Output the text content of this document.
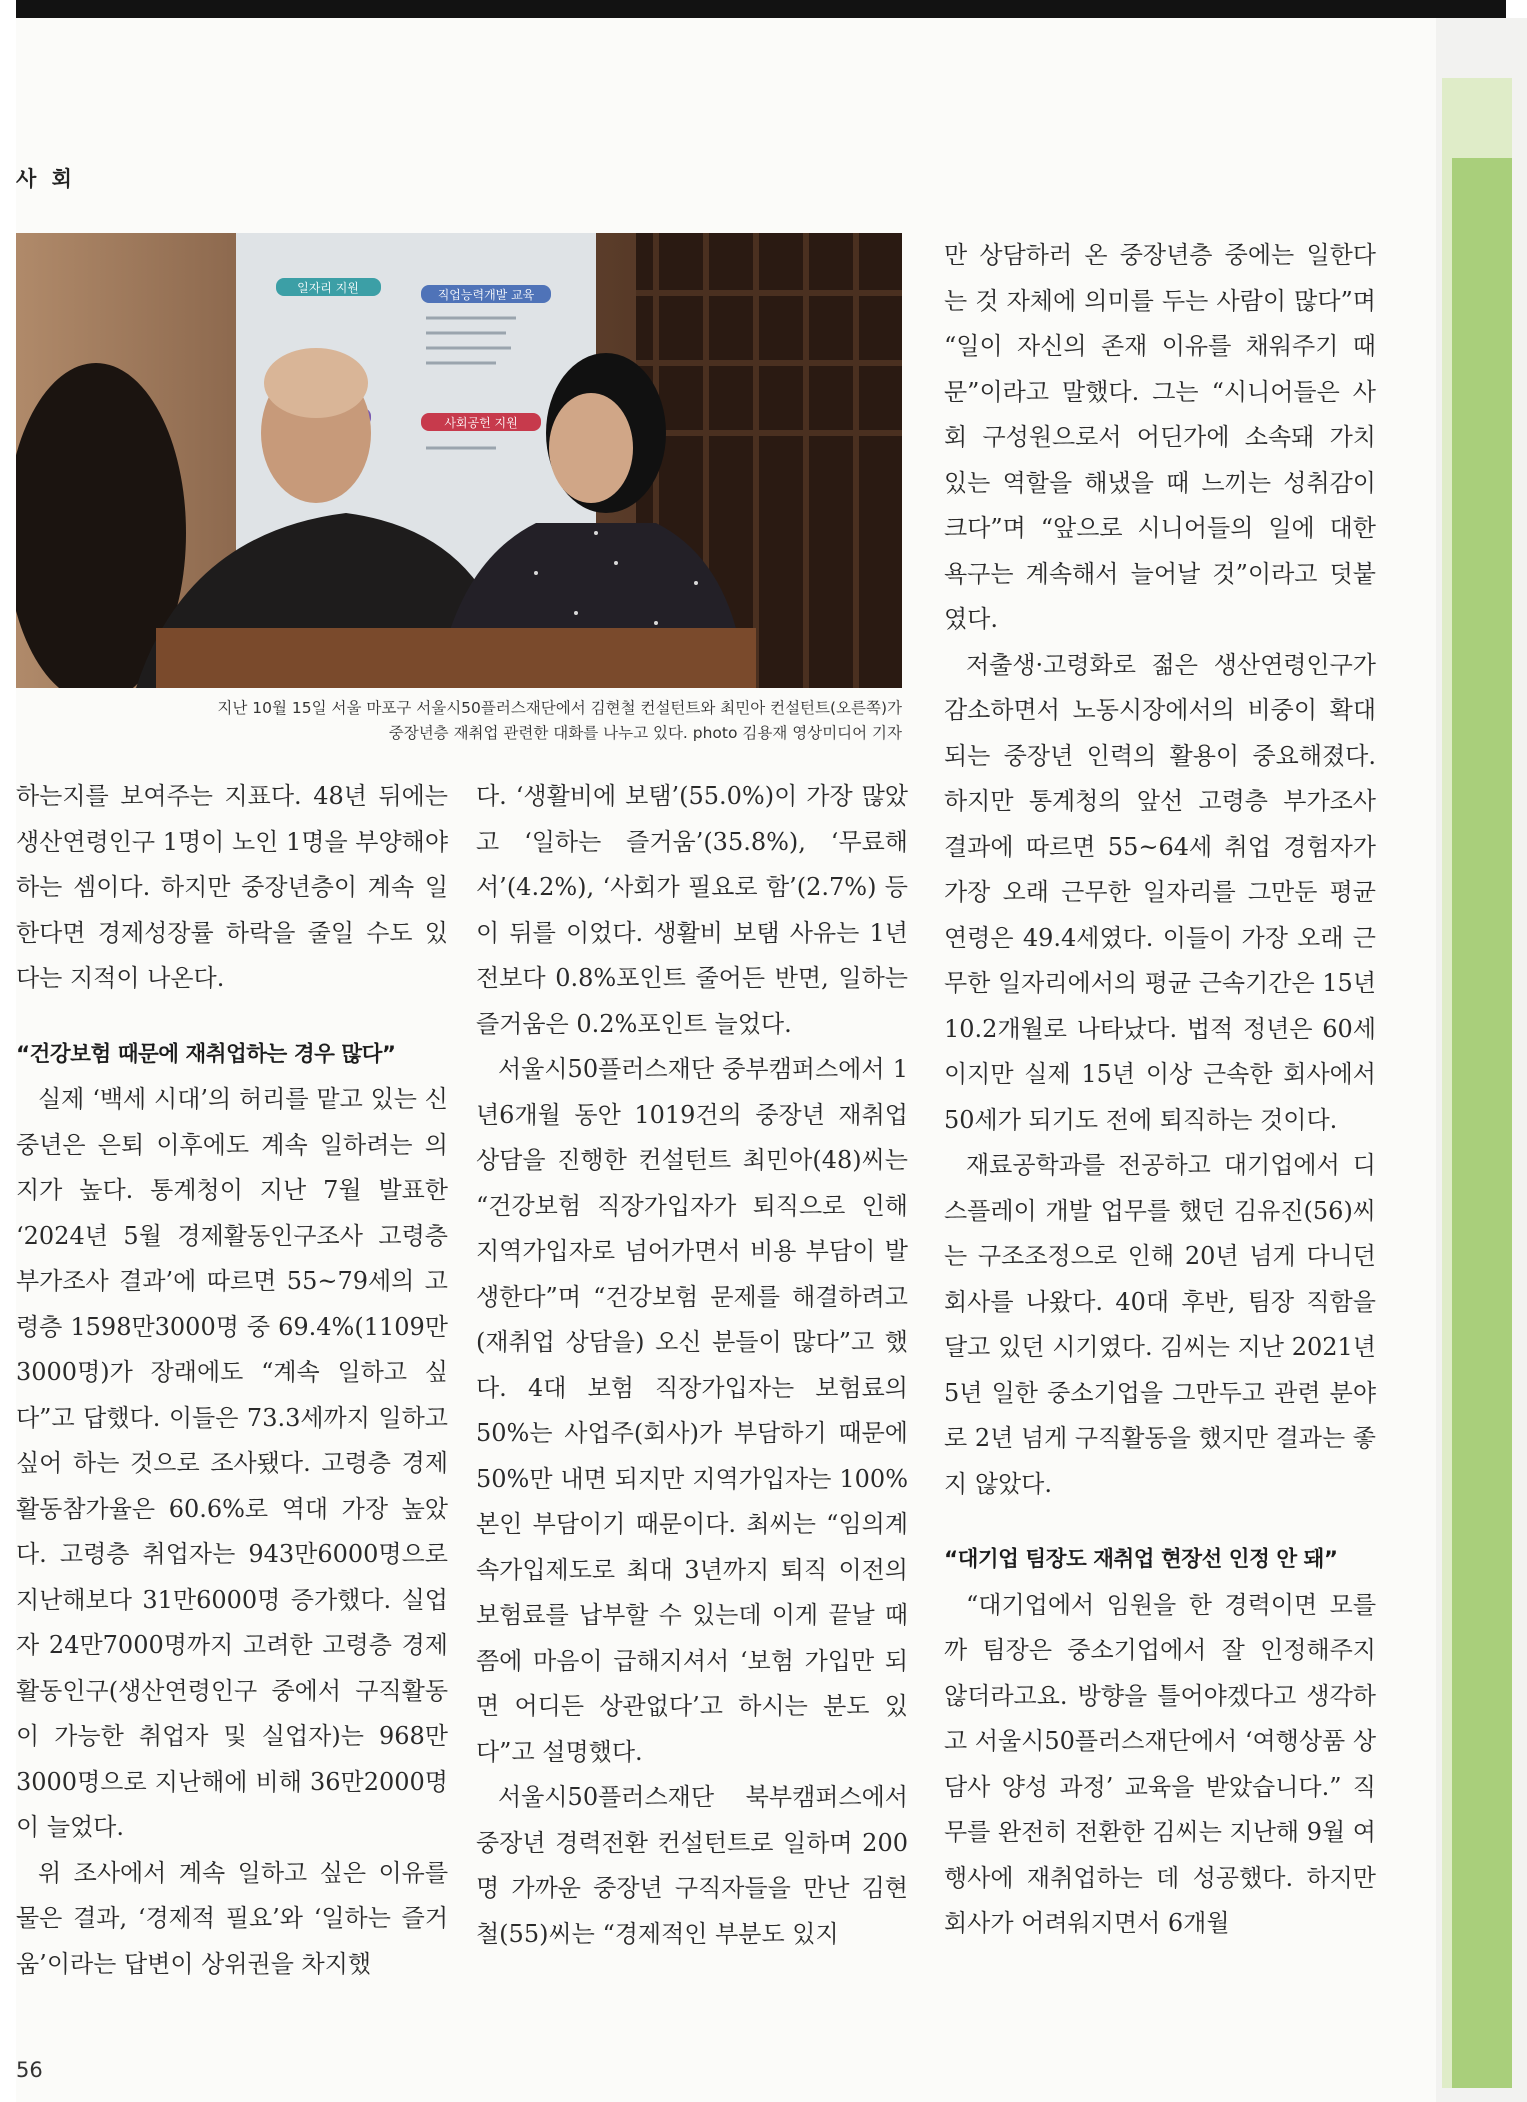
사 회
일자리 지원	직업능력개발 교육
사회공헌 지원
지난 10월 15일 서울 마포구 서울시50플러스재단에서 김현철 컨설턴트와 최민아 컨설턴트(오른쪽)가
중장년층 재취업 관련한 대화를 나누고 있다. photo 김용재 영상미디어 기자

하는지를 보여주는 지표다. 48년 뒤에는 생산연령인구 1명이 노인 1명을 부양해야 하는 셈이다. 하지만 중장년층이 계속 일한다면 경제성장률 하락을 줄일 수도 있다는 지적이 나온다.

“건강보험 때문에 재취업하는 경우 많다”

실제 ‘백세 시대’의 허리를 맡고 있는 신중년은 은퇴 이후에도 계속 일하려는 의지가 높다. 통계청이 지난 7월 발표한 ‘2024년 5월 경제활동인구조사 고령층 부가조사 결과’에 따르면 55~79세의 고령층 1598만3000명 중 69.4%(1109만3000명)가 장래에도 “계속 일하고 싶다”고 답했다. 이들은 73.3세까지 일하고 싶어 하는 것으로 조사됐다. 고령층 경제활동참가율은 60.6%로 역대 가장 높았다. 고령층 취업자는 943만6000명으로 지난해보다 31만6000명 증가했다. 실업자 24만7000명까지 고려한 고령층 경제활동인구(생산연령인구 중에서 구직활동이 가능한 취업자 및 실업자)는 968만3000명으로 지난해에 비해 36만2000명이 늘었다.

위 조사에서 계속 일하고 싶은 이유를 물은 결과, ‘경제적 필요’와 ‘일하는 즐거움’이라는 답변이 상위권을 차지했

다. ‘생활비에 보탬’(55.0%)이 가장 많았고 ‘일하는 즐거움’(35.8%), ‘무료해서’(4.2%), ‘사회가 필요로 함’(2.7%) 등이 뒤를 이었다. 생활비 보탬 사유는 1년 전보다 0.8%포인트 줄어든 반면, 일하는 즐거움은 0.2%포인트 늘었다.

서울시50플러스재단 중부캠퍼스에서 1년6개월 동안 1019건의 중장년 재취업 상담을 진행한 컨설턴트 최민아(48)씨는 “건강보험 직장가입자가 퇴직으로 인해 지역가입자로 넘어가면서 비용 부담이 발생한다”며 “건강보험 문제를 해결하려고 (재취업 상담을) 오신 분들이 많다”고 했다. 4대 보험 직장가입자는 보험료의 50%는 사업주(회사)가 부담하기 때문에 50%만 내면 되지만 지역가입자는 100% 본인 부담이기 때문이다. 최씨는 “임의계속가입제도로 최대 3년까지 퇴직 이전의 보험료를 납부할 수 있는데 이게 끝날 때쯤에 마음이 급해지셔서 ‘보험 가입만 되면 어디든 상관없다’고 하시는 분도 있다”고 설명했다.

서울시50플러스재단 북부캠퍼스에서 중장년 경력전환 컨설턴트로 일하며 200명 가까운 중장년 구직자들을 만난 김현철(55)씨는 “경제적인 부분도 있지

만 상담하러 온 중장년층 중에는 일한다는 것 자체에 의미를 두는 사람이 많다”며 “일이 자신의 존재 이유를 채워주기 때문”이라고 말했다. 그는 “시니어들은 사회 구성원으로서 어딘가에 소속돼 가치 있는 역할을 해냈을 때 느끼는 성취감이 크다”며 “앞으로 시니어들의 일에 대한 욕구는 계속해서 늘어날 것”이라고 덧붙였다.

저출생·고령화로 젊은 생산연령인구가 감소하면서 노동시장에서의 비중이 확대되는 중장년 인력의 활용이 중요해졌다. 하지만 통계청의 앞선 고령층 부가조사 결과에 따르면 55~64세 취업 경험자가 가장 오래 근무한 일자리를 그만둔 평균 연령은 49.4세였다. 이들이 가장 오래 근무한 일자리에서의 평균 근속기간은 15년10.2개월로 나타났다. 법적 정년은 60세이지만 실제 15년 이상 근속한 회사에서 50세가 되기도 전에 퇴직하는 것이다.

재료공학과를 전공하고 대기업에서 디스플레이 개발 업무를 했던 김유진(56)씨는 구조조정으로 인해 20년 넘게 다니던 회사를 나왔다. 40대 후반, 팀장 직함을 달고 있던 시기였다. 김씨는 지난 2021년 5년 일한 중소기업을 그만두고 관련 분야로 2년 넘게 구직활동을 했지만 결과는 좋지 않았다.

“대기업 팀장도 재취업 현장선 인정 안 돼”

“대기업에서 임원을 한 경력이면 모를까 팀장은 중소기업에서 잘 인정해주지 않더라고요. 방향을 틀어야겠다고 생각하고 서울시50플러스재단에서 ‘여행상품 상담사 양성 과정’ 교육을 받았습니다.” 직무를 완전히 전환한 김씨는 지난해 9월 여행사에 재취업하는 데 성공했다. 하지만 회사가 어려워지면서 6개월

56
